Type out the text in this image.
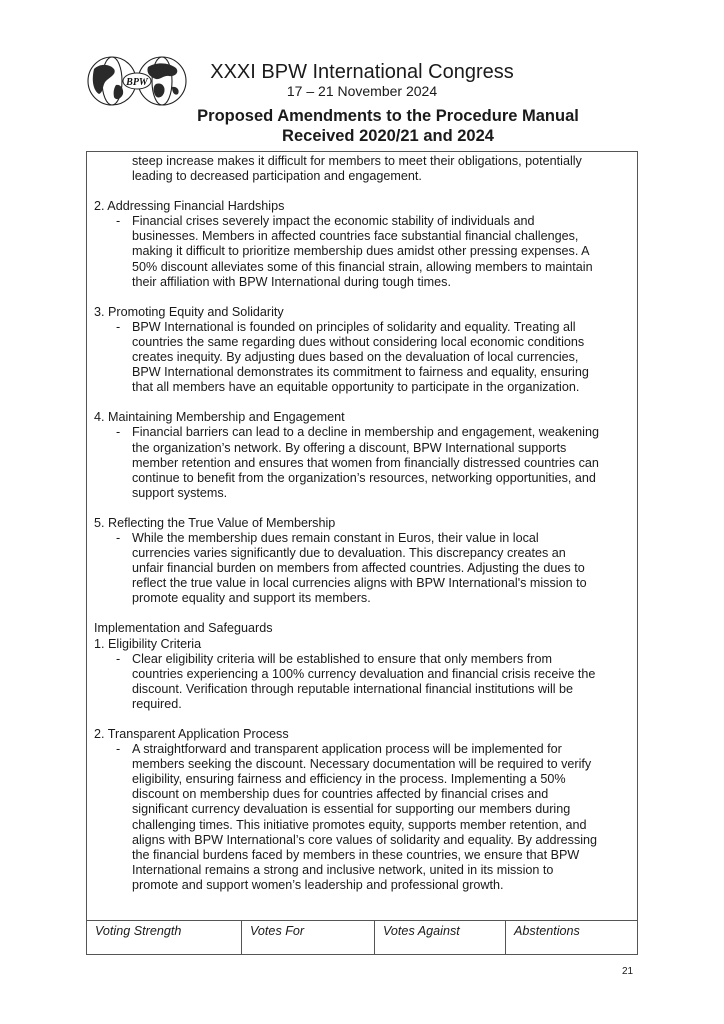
BPW	XXXI BPW International Congress
17 – 21 November 2024
Proposed Amendments to the Procedure Manual
Received 2020/21 and 2024
steep increase makes it difficult for members to meet their obligations, potentially
leading to decreased participation and engagement.
2. Addressing Financial Hardships
- Financial crises severely impact the economic stability of individuals and
businesses. Members in affected countries face substantial financial challenges,
making it difficult to prioritize membership dues amidst other pressing expenses. A
50% discount alleviates some of this financial strain, allowing members to maintain
their affiliation with BPW International during tough times.
3. Promoting Equity and Solidarity
- BPW International is founded on principles of solidarity and equality. Treating all
countries the same regarding dues without considering local economic conditions
creates inequity. By adjusting dues based on the devaluation of local currencies,
BPW International demonstrates its commitment to fairness and equality, ensuring
that all members have an equitable opportunity to participate in the organization.
4. Maintaining Membership and Engagement
- Financial barriers can lead to a decline in membership and engagement, weakening
the organization’s network. By offering a discount, BPW International supports
member retention and ensures that women from financially distressed countries can
continue to benefit from the organization’s resources, networking opportunities, and
support systems.
5. Reflecting the True Value of Membership
- While the membership dues remain constant in Euros, their value in local
currencies varies significantly due to devaluation. This discrepancy creates an
unfair financial burden on members from affected countries. Adjusting the dues to
reflect the true value in local currencies aligns with BPW International's mission to
promote equality and support its members.
Implementation and Safeguards
1. Eligibility Criteria
- Clear eligibility criteria will be established to ensure that only members from
countries experiencing a 100% currency devaluation and financial crisis receive the
discount. Verification through reputable international financial institutions will be
required.
2. Transparent Application Process
- A straightforward and transparent application process will be implemented for
members seeking the discount. Necessary documentation will be required to verify
eligibility, ensuring fairness and efficiency in the process. Implementing a 50%
discount on membership dues for countries affected by financial crises and
significant currency devaluation is essential for supporting our members during
challenging times. This initiative promotes equity, supports member retention, and
aligns with BPW International’s core values of solidarity and equality. By addressing
the financial burdens faced by members in these countries, we ensure that BPW
International remains a strong and inclusive network, united in its mission to
promote and support women’s leadership and professional growth.
Voting Strength	Votes For	Votes Against	Abstentions
21
